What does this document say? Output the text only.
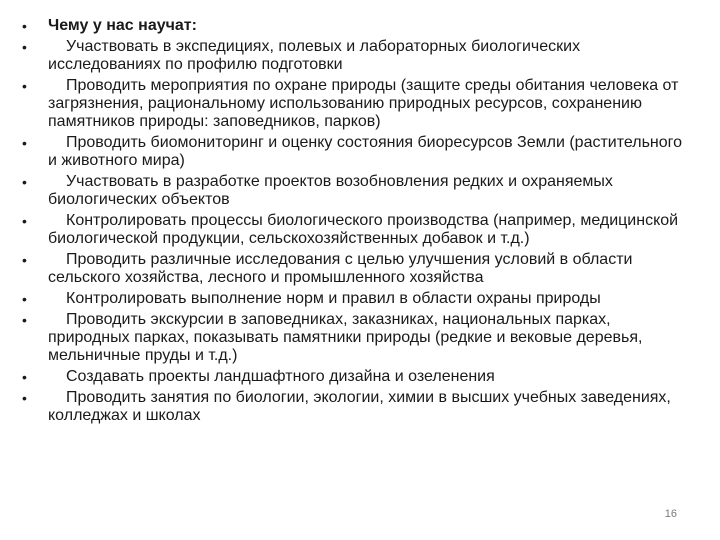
•	Чему у нас научат:
•	Участвовать в экспедициях, полевых и лабораторных биологических исследованиях по профилю подготовки
•	Проводить мероприятия по охране природы (защите среды обитания человека от загрязнения, рациональному использованию природных ресурсов, сохранению памятников природы: заповедников, парков)
•	Проводить биомониторинг и оценку состояния биоресурсов Земли (растительного и животного мира)
•	Участвовать в разработке проектов возобновления редких и охраняемых биологических объектов
•	Контролировать процессы биологического производства (например, медицинской биологической продукции, сельскохозяйственных добавок и т.д.)
•	Проводить различные исследования с целью улучшения условий в области сельского хозяйства, лесного и промышленного хозяйства
•	Контролировать выполнение норм и правил в области охраны природы
•	Проводить экскурсии в заповедниках, заказниках, национальных парках, природных парках, показывать памятники природы (редкие и вековые деревья, мельничные пруды и т.д.)
•	Создавать проекты ландшафтного дизайна и озеленения
•	Проводить занятия по биологии, экологии, химии в высших учебных заведениях, колледжах и школах
16
